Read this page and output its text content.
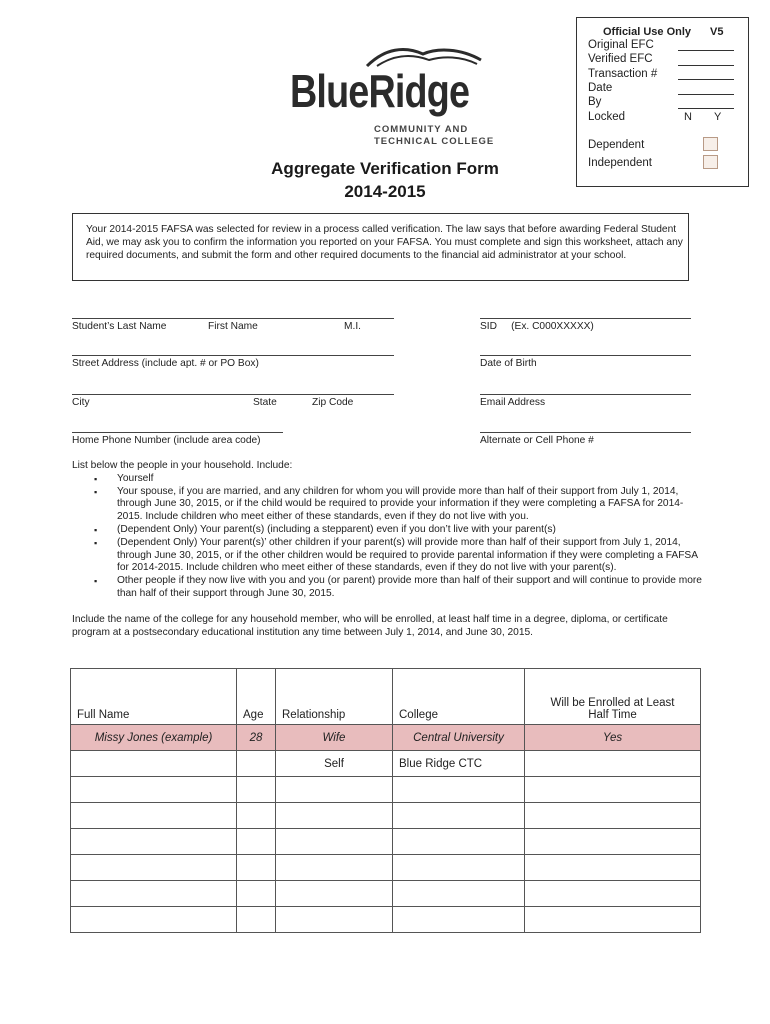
BlueRidge
COMMUNITY AND
TECHNICAL COLLEGE
Aggregate Verification Form
2014-2015
Official Use Only V5
Original EFC
Verified EFC
Transaction #
Date
By
Locked	N Y
Dependent
Independent
Your 2014-2015 FAFSA was selected for review in a process called verification. The law says that before awarding Federal Student Aid, we may ask you to confirm the information you reported on your FAFSA. You must complete and sign this worksheet, attach any required documents, and submit the form and other required documents to the financial aid administrator at your school.
Student’s Last Name	First Name	M.I.	SID     (Ex. C000XXXXX)
Street Address (include apt. # or PO Box)	Date of Birth
City	State	Zip Code	Email Address
Home Phone Number (include area code)	Alternate or Cell Phone #

List below the people in your household. Include:

▪ Yourself
▪ Your spouse, if you are married, and any children for whom you will provide more than half of their support from July 1, 2014, through June 30, 2015, or if the child would be required to provide your information if they were completing a FAFSA for 2014-2015. Include children who meet either of these standards, even if they do not live with you.
▪ (Dependent Only) Your parent(s) (including a stepparent) even if you don’t live with your parent(s)
▪ (Dependent Only) Your parent(s)’ other children if your parent(s) will provide more than half of their support from July 1, 2014, through June 30, 2015, or if the other children would be required to provide parental information if they were completing a FAFSA for 2014-2015. Include children who meet either of these standards, even if they do not live with your parent(s).
▪ Other people if they now live with you and you (or parent) provide more than half of their support and will continue to provide more than half of their support through June 30, 2015.

Include the name of the college for any household member, who will be enrolled, at least half time in a degree, diploma, or certificate program at a postsecondary educational institution any time between July 1, 2014, and June 30, 2015.

Full Name	Age	Relationship	College	Will be Enrolled at Least
Half Time

Missy Jones (example)	28	Wife	Central University	Yes
		Self	Blue Ridge CTC	
